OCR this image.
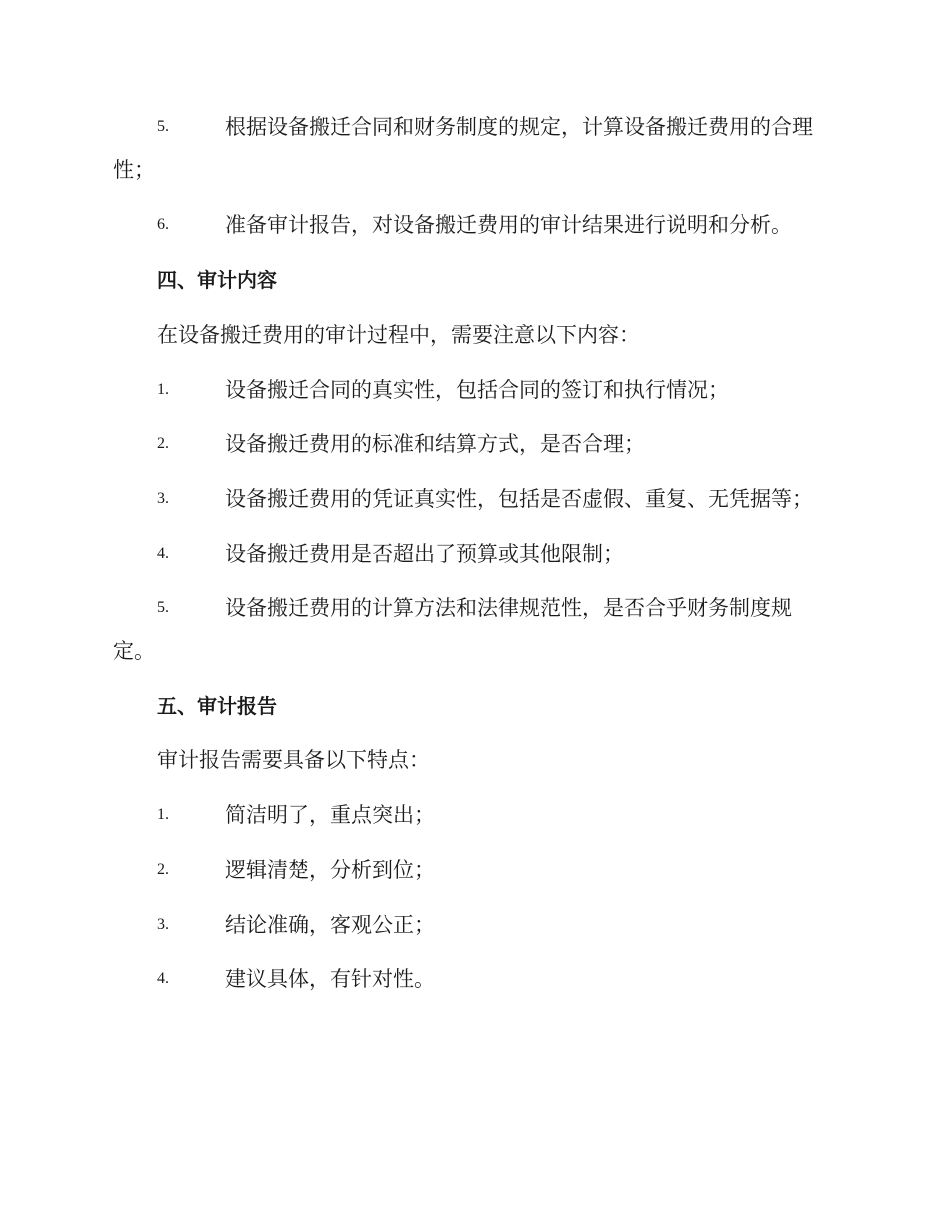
5.	根据设备搬迁合同和财务制度的规定，计算设备搬迁费用的合理
性；
6.	准备审计报告，对设备搬迁费用的审计结果进行说明和分析。
四、审计内容
在设备搬迁费用的审计过程中，需要注意以下内容：
1.	设备搬迁合同的真实性，包括合同的签订和执行情况；
2.	设备搬迁费用的标准和结算方式，是否合理；
3.	设备搬迁费用的凭证真实性，包括是否虚假、重复、无凭据等；
4.	设备搬迁费用是否超出了预算或其他限制；
5.	设备搬迁费用的计算方法和法律规范性，是否合乎财务制度规
定。
五、审计报告
审计报告需要具备以下特点：
1.	简洁明了，重点突出；
2.	逻辑清楚，分析到位；
3.	结论准确，客观公正；
4.	建议具体，有针对性。
